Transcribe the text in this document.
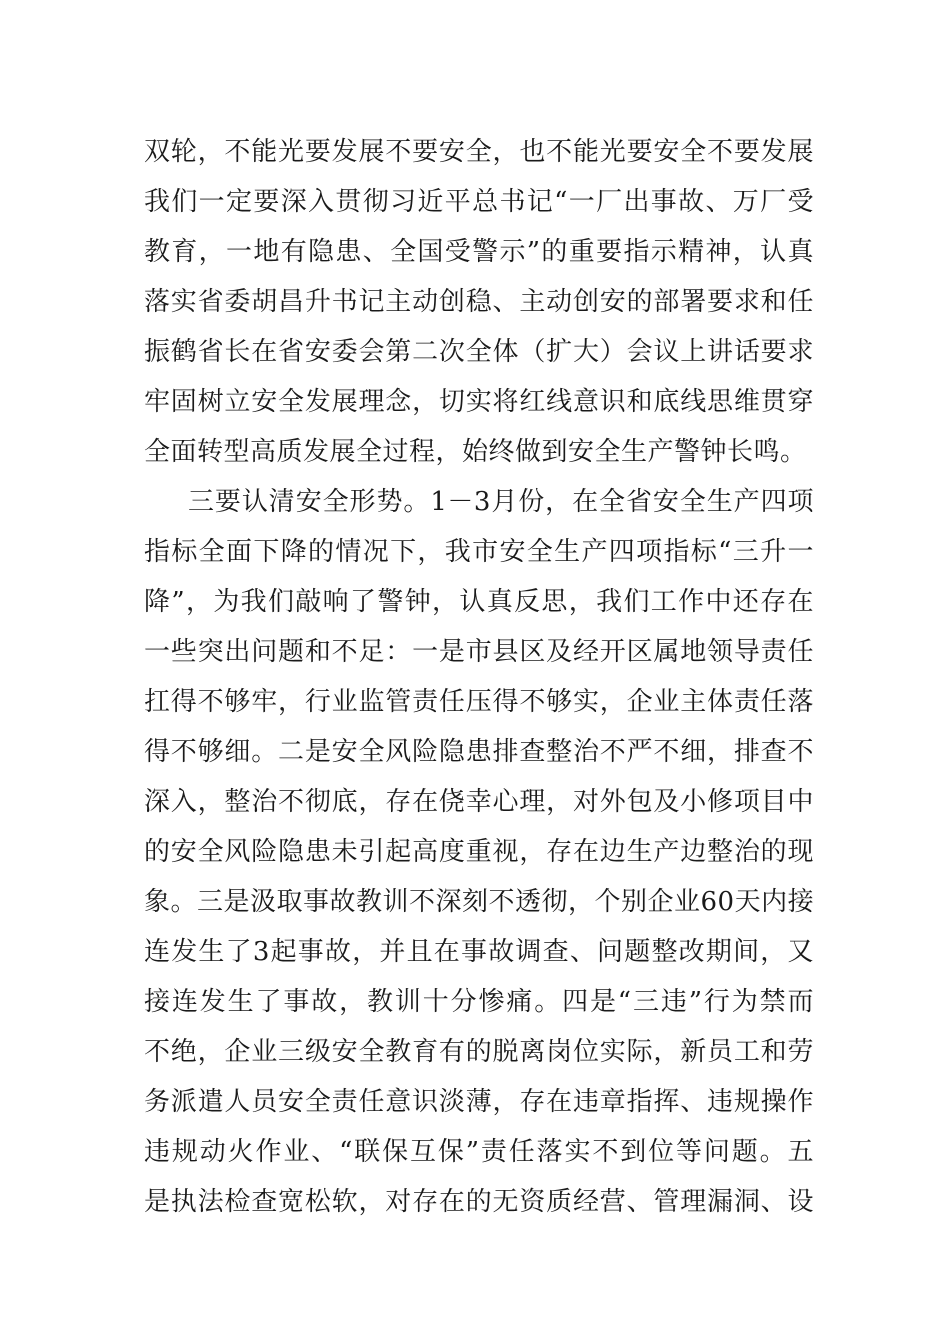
双轮，不能光要发展不要安全，也不能光要安全不要发展
我们一定要深入贯彻习近平总书记“一厂出事故、万厂受
教育，一地有隐患、全国受警示”的重要指示精神，认真
落实省委胡昌升书记主动创稳、主动创安的部署要求和任
振鹤省长在省安委会第二次全体（扩大）会议上讲话要求
牢固树立安全发展理念，切实将红线意识和底线思维贯穿
全面转型高质发展全过程，始终做到安全生产警钟长鸣。
三要认清安全形势。1－3月份，在全省安全生产四项
指标全面下降的情况下，我市安全生产四项指标“三升一
降”，为我们敲响了警钟，认真反思，我们工作中还存在
一些突出问题和不足：一是市县区及经开区属地领导责任
扛得不够牢，行业监管责任压得不够实，企业主体责任落
得不够细。二是安全风险隐患排查整治不严不细，排查不
深入，整治不彻底，存在侥幸心理，对外包及小修项目中
的安全风险隐患未引起高度重视，存在边生产边整治的现
象。三是汲取事故教训不深刻不透彻，个别企业60天内接
连发生了3起事故，并且在事故调查、问题整改期间，又
接连发生了事故，教训十分惨痛。四是“三违”行为禁而
不绝，企业三级安全教育有的脱离岗位实际，新员工和劳
务派遣人员安全责任意识淡薄，存在违章指挥、违规操作
违规动火作业、“联保互保”责任落实不到位等问题。五
是执法检查宽松软，对存在的无资质经营、管理漏洞、设
